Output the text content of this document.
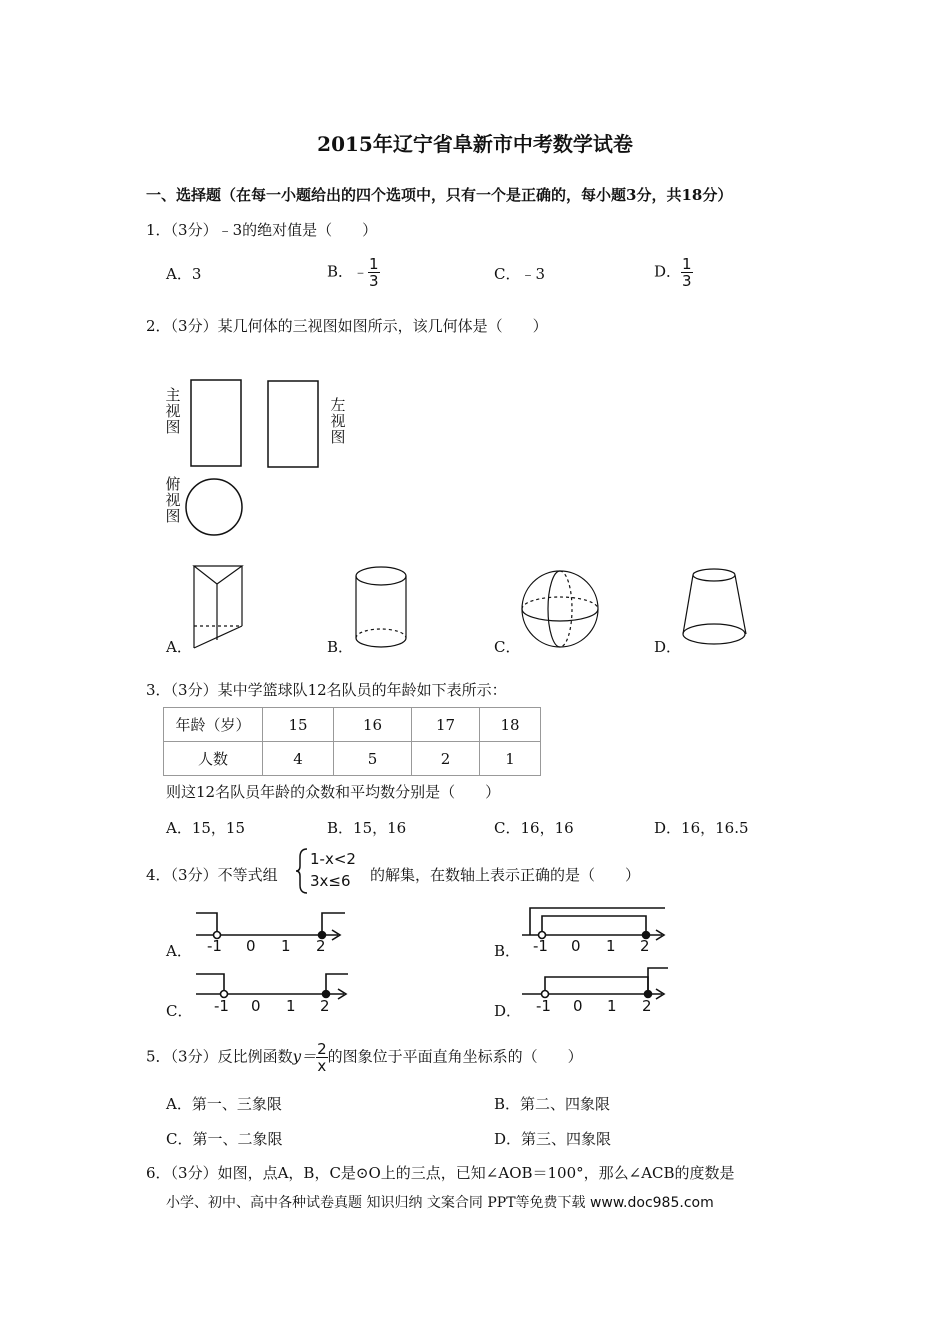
2015年辽宁省阜新市中考数学试卷
一、选择题（在每一小题给出的四个选项中，只有一个是正确的，每小题3分，共18分）
1．（3分）﹣3的绝对值是（　　）
A．3	B．﹣ $\frac{1}{3}$	C．﹣3	D． $\frac{1}{3}$
2．（3分）某几何体的三视图如图所示，该几何体是（　　）
主
视
图
左
视
图
俯
视
图
A．	B．	C．	D．
3．（3分）某中学篮球队12名队员的年龄如下表所示：
年龄（岁）	15	16	17	18
人数	4	5	2	1
则这12名队员年龄的众数和平均数分别是（　　）
A．15，15	B．15，16	C．16，16	D．16，16.5
4．（3分）不等式组
1-x<2
3x≤6	的解集，在数轴上表示正确的是（　　）
A．	B．
C．	D．
-1 0 1 2	-1 0 1 2
-1 0 1 2	-1 0 1 2
5．（3分）反比例函数$y= \frac{2}{x}$ 的图象位于平面直角坐标系的（　　）
A．第一、三象限	B．第二、四象限
C．第一、二象限	D．第三、四象限
6．（3分）如图，点A，B，C是⊙O上的三点，已知∠AOB＝100°，那么∠ACB的度数是
小学、初中、高中各种试卷真题 知识归纳 文案合同 PPT等免费下载 www.doc985.com
